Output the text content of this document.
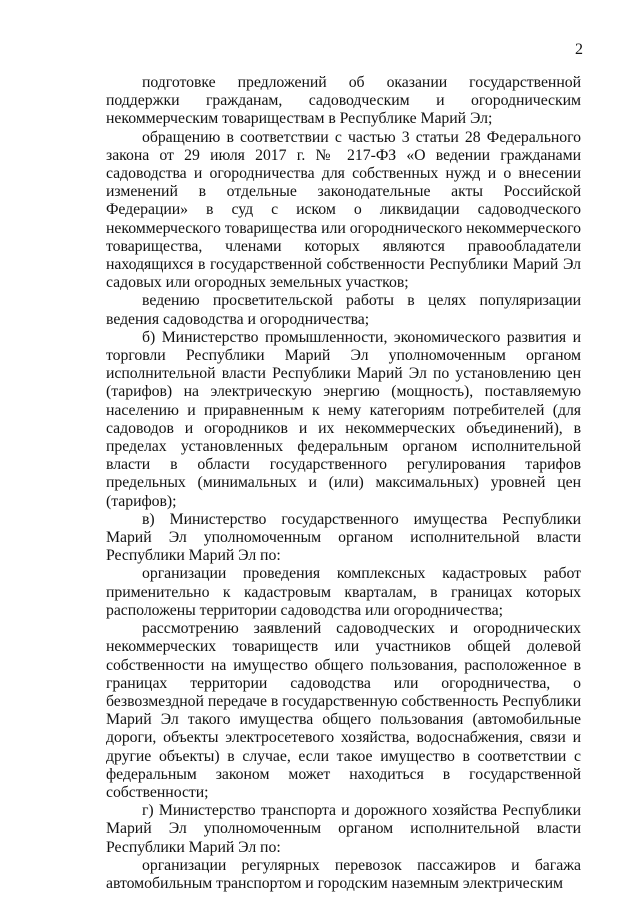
2

подготовке предложений об оказании государственной поддержки гражданам, садоводческим и огородническим некоммерческим товариществам в Республике Марий Эл;

обращению в соответствии с частью 3 статьи 28 Федерального закона от 29 июля 2017 г. № 217-ФЗ «О ведении гражданами садоводства и огородничества для собственных нужд и о внесении изменений в отдельные законодательные акты Российской Федерации» в суд с иском о ликвидации садоводческого некоммерческого товарищества или огороднического некоммерческого товарищества, членами которых являются правообладатели находящихся в государственной собственности Республики Марий Эл садовых или огородных земельных участков;

ведению просветительской работы в целях популяризации ведения садоводства и огородничества;

б) Министерство промышленности, экономического развития и торговли Республики Марий Эл уполномоченным органом исполнительной власти Республики Марий Эл по установлению цен (тарифов) на электрическую энергию (мощность), поставляемую населению и приравненным к нему категориям потребителей (для садоводов и огородников и их некоммерческих объединений), в пределах установленных федеральным органом исполнительной власти в области государственного регулирования тарифов предельных (минимальных и (или) максимальных) уровней цен (тарифов);

в) Министерство государственного имущества Республики Марий Эл уполномоченным органом исполнительной власти Республики Марий Эл по:

организации проведения комплексных кадастровых работ применительно к кадастровым кварталам, в границах которых расположены территории садоводства или огородничества;

рассмотрению заявлений садоводческих и огороднических некоммерческих товариществ или участников общей долевой собственности на имущество общего пользования, расположенное в границах территории садоводства или огородничества, о безвозмездной передаче в государственную собственность Республики Марий Эл такого имущества общего пользования (автомобильные дороги, объекты электросетевого хозяйства, водоснабжения, связи и другие объекты) в случае, если такое имущество в соответствии с федеральным законом может находиться в государственной собственности;

г) Министерство транспорта и дорожного хозяйства Республики Марий Эл уполномоченным органом исполнительной власти Республики Марий Эл по:

организации регулярных перевозок пассажиров и багажа автомобильным транспортом и городским наземным электрическим
